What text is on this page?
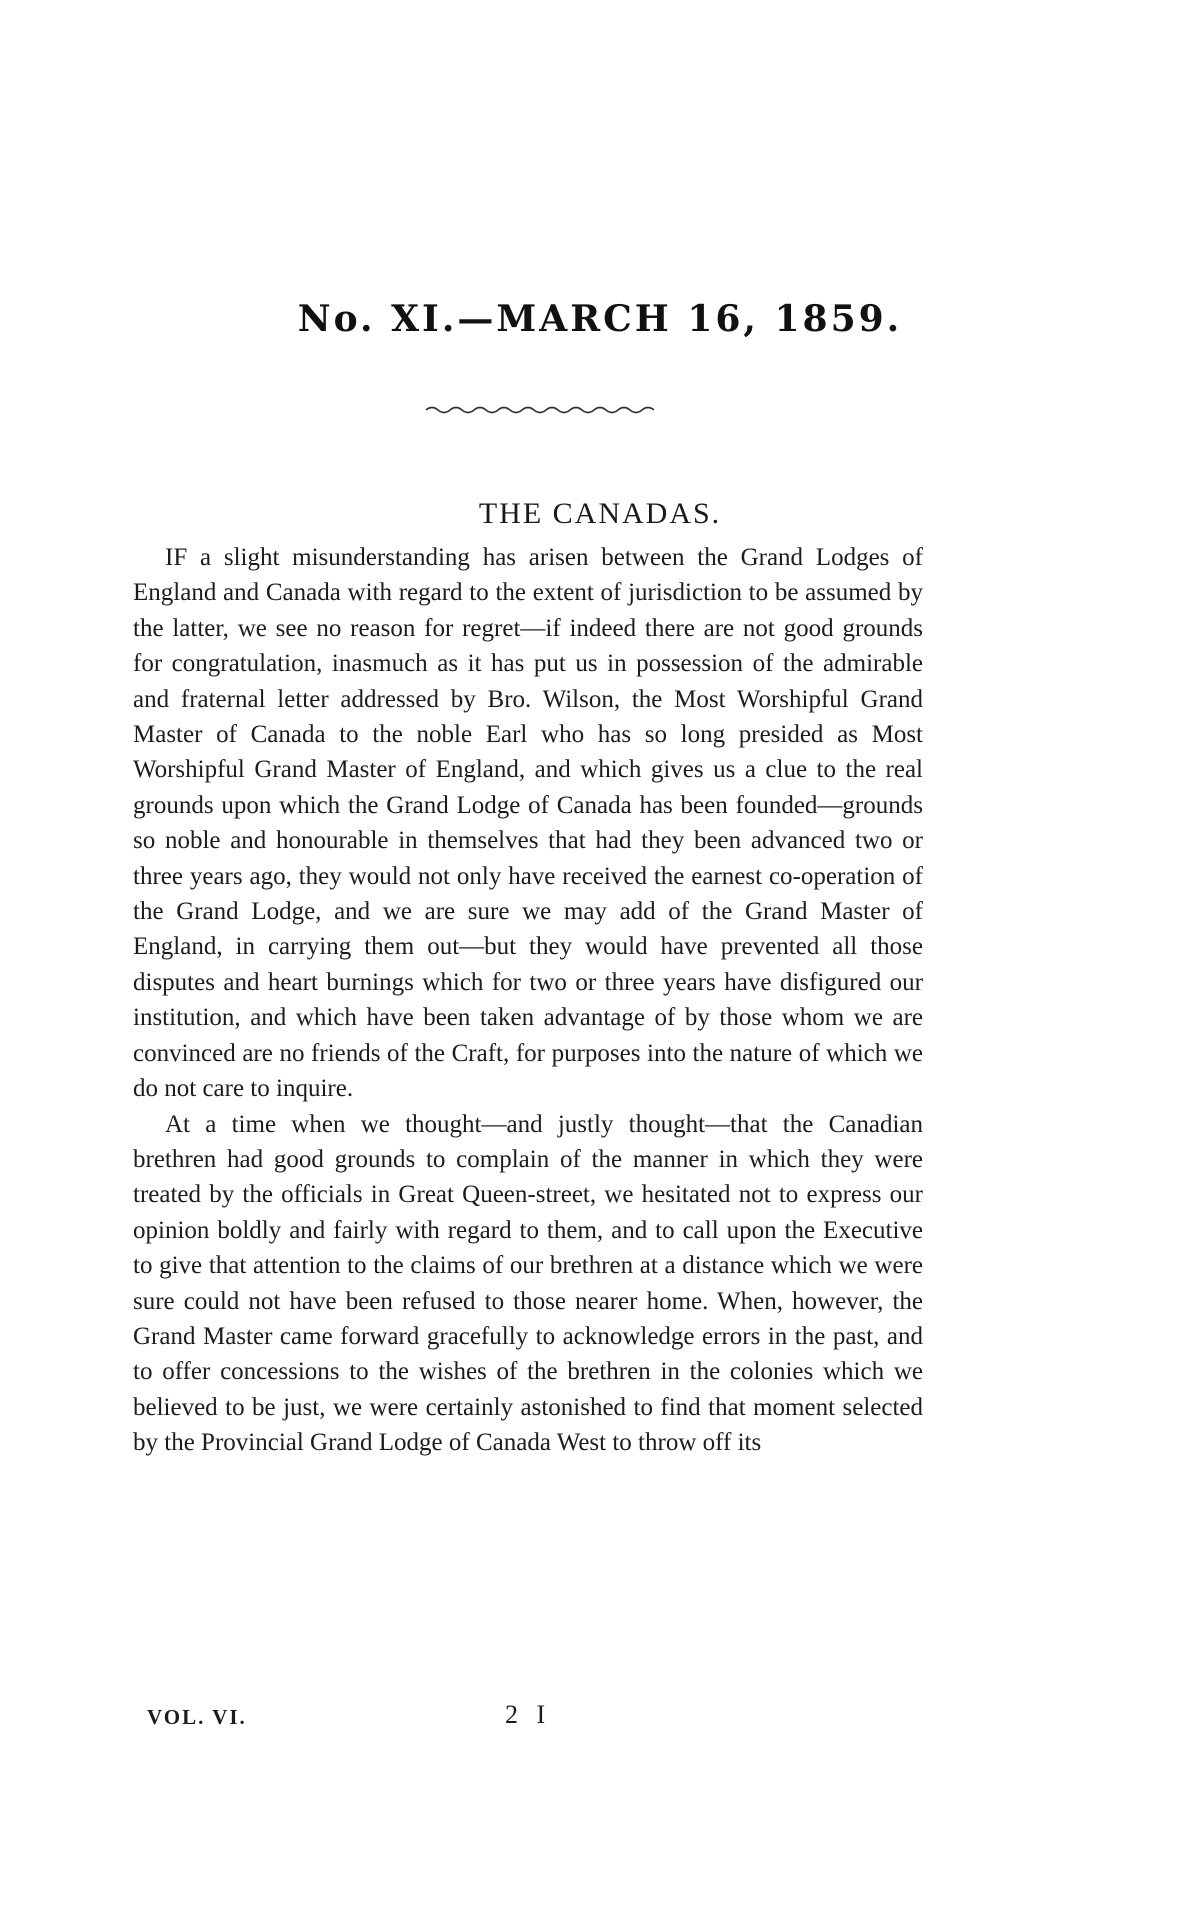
No. XI.—MARCH 16, 1859.
THE CANADAS.

IF a slight misunderstanding has arisen between the Grand Lodges of England and Canada with regard to the extent of jurisdiction to be assumed by the latter, we see no reason for regret—if indeed there are not good grounds for congratulation, inasmuch as it has put us in possession of the admirable and fraternal letter addressed by Bro. Wilson, the Most Worshipful Grand Master of Canada to the noble Earl who has so long presided as Most Worshipful Grand Master of England, and which gives us a clue to the real grounds upon which the Grand Lodge of Canada has been founded—grounds so noble and honourable in themselves that had they been advanced two or three years ago, they would not only have received the earnest co-operation of the Grand Lodge, and we are sure we may add of the Grand Master of England, in carrying them out—but they would have prevented all those disputes and heart burnings which for two or three years have disfigured our institution, and which have been taken advantage of by those whom we are convinced are no friends of the Craft, for purposes into the nature of which we do not care to inquire.

At a time when we thought—and justly thought—that the Canadian brethren had good grounds to complain of the manner in which they were treated by the officials in Great Queen-street, we hesitated not to express our opinion boldly and fairly with regard to them, and to call upon the Executive to give that attention to the claims of our brethren at a distance which we were sure could not have been refused to those nearer home. When, however, the Grand Master came forward gracefully to acknowledge errors in the past, and to offer concessions to the wishes of the brethren in the colonies which we believed to be just, we were certainly astonished to find that moment selected by the Provincial Grand Lodge of Canada West to throw off its

VOL. VI.	2 I
